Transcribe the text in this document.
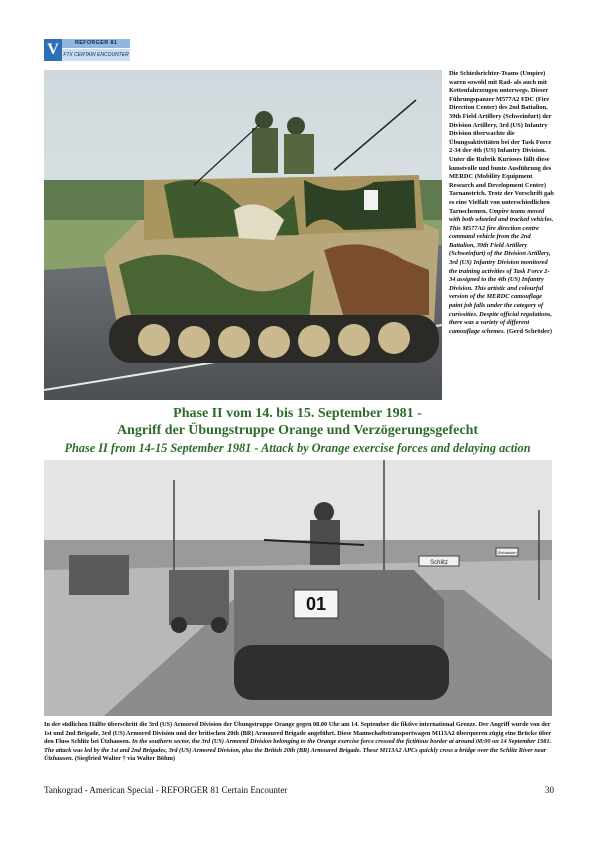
V	REFORGER 81
FTX CERTAIN ENCOUNTER
Die Schiedsrichter-Teams (Umpire) waren sowohl mit Rad- als auch mit Kettenfahrzeugen unterwegs. Dieser Führungspanzer M577A2 FDC (Fire Direction Center) des 2nd Battalion, 39th Field Artillery (Schweinfurt) der Division Artillery, 3rd (US) Infantry Division überwachte die Übungsaktivitäten bei der Task Force 2-34 der 4th (US) Infantry Division. Unter die Rubrik Kurioses fällt diese kunstvolle und bunte Ausführung des MERDC (Mobility Equipment Research and Development Center) Tarnanstrich. Trotz der Vorschrift gab es eine Vielfalt von unterschiedlichen Tarnschemen. Umpire teams moved with both wheeled and tracked vehicles. This M577A2 fire direction centre command vehicle from the 2nd Battalion, 39th Field Artillery (Schweinfurt) of the Division Artillery, 3rd (US) Infantry Division monitored the training activities of Task Force 2-34 assigned to the 4th (US) Infantry Division. This artistic and colourful version of the MERDC camouflage paint job falls under the category of curiosities. Despite official regulations, there was a variety of different camouflage schemes. (Gerd Schröder)
Phase II vom 14. bis 15. September 1981 -
Angriff der Übungstruppe Orange und Verzögerungsgefecht
Phase II from 14-15 September 1981 - Attack by Orange exercise forces and delaying action
01
Schlitz
Ützhausen
In der südlichen Hälfte überschritt die 3rd (US) Armored Division der Übungstruppe Orange gegen 08.00 Uhr am 14. September die fiktive international Grenze. Der Angriff wurde von der 1st und 2nd Brigade, 3rd (US) Armored Division und der britischen 20th (BR) Armoured Brigade angeführt. Diese Mannschaftstransportwagen M113A2 überqueren zügig eine Brücke über den Fluss Schlitz bei Ützhausen. In the southern sector, the 3rd (US) Armored Division belonging to the Orange exercise force crossed the fictitious border at around 08:00 on 14 September 1981. The attack was led by the 1st and 2nd Brigades, 3rd (US) Armored Division, plus the British 20th (BR) Armoured Brigade. These M113A2 APCs quickly cross a bridge over the Schlitz River near Ützhausen. (Siegfried Walter † via Walter Böhm)
Tankograd - American Special - REFORGER 81 Certain Encounter	30
